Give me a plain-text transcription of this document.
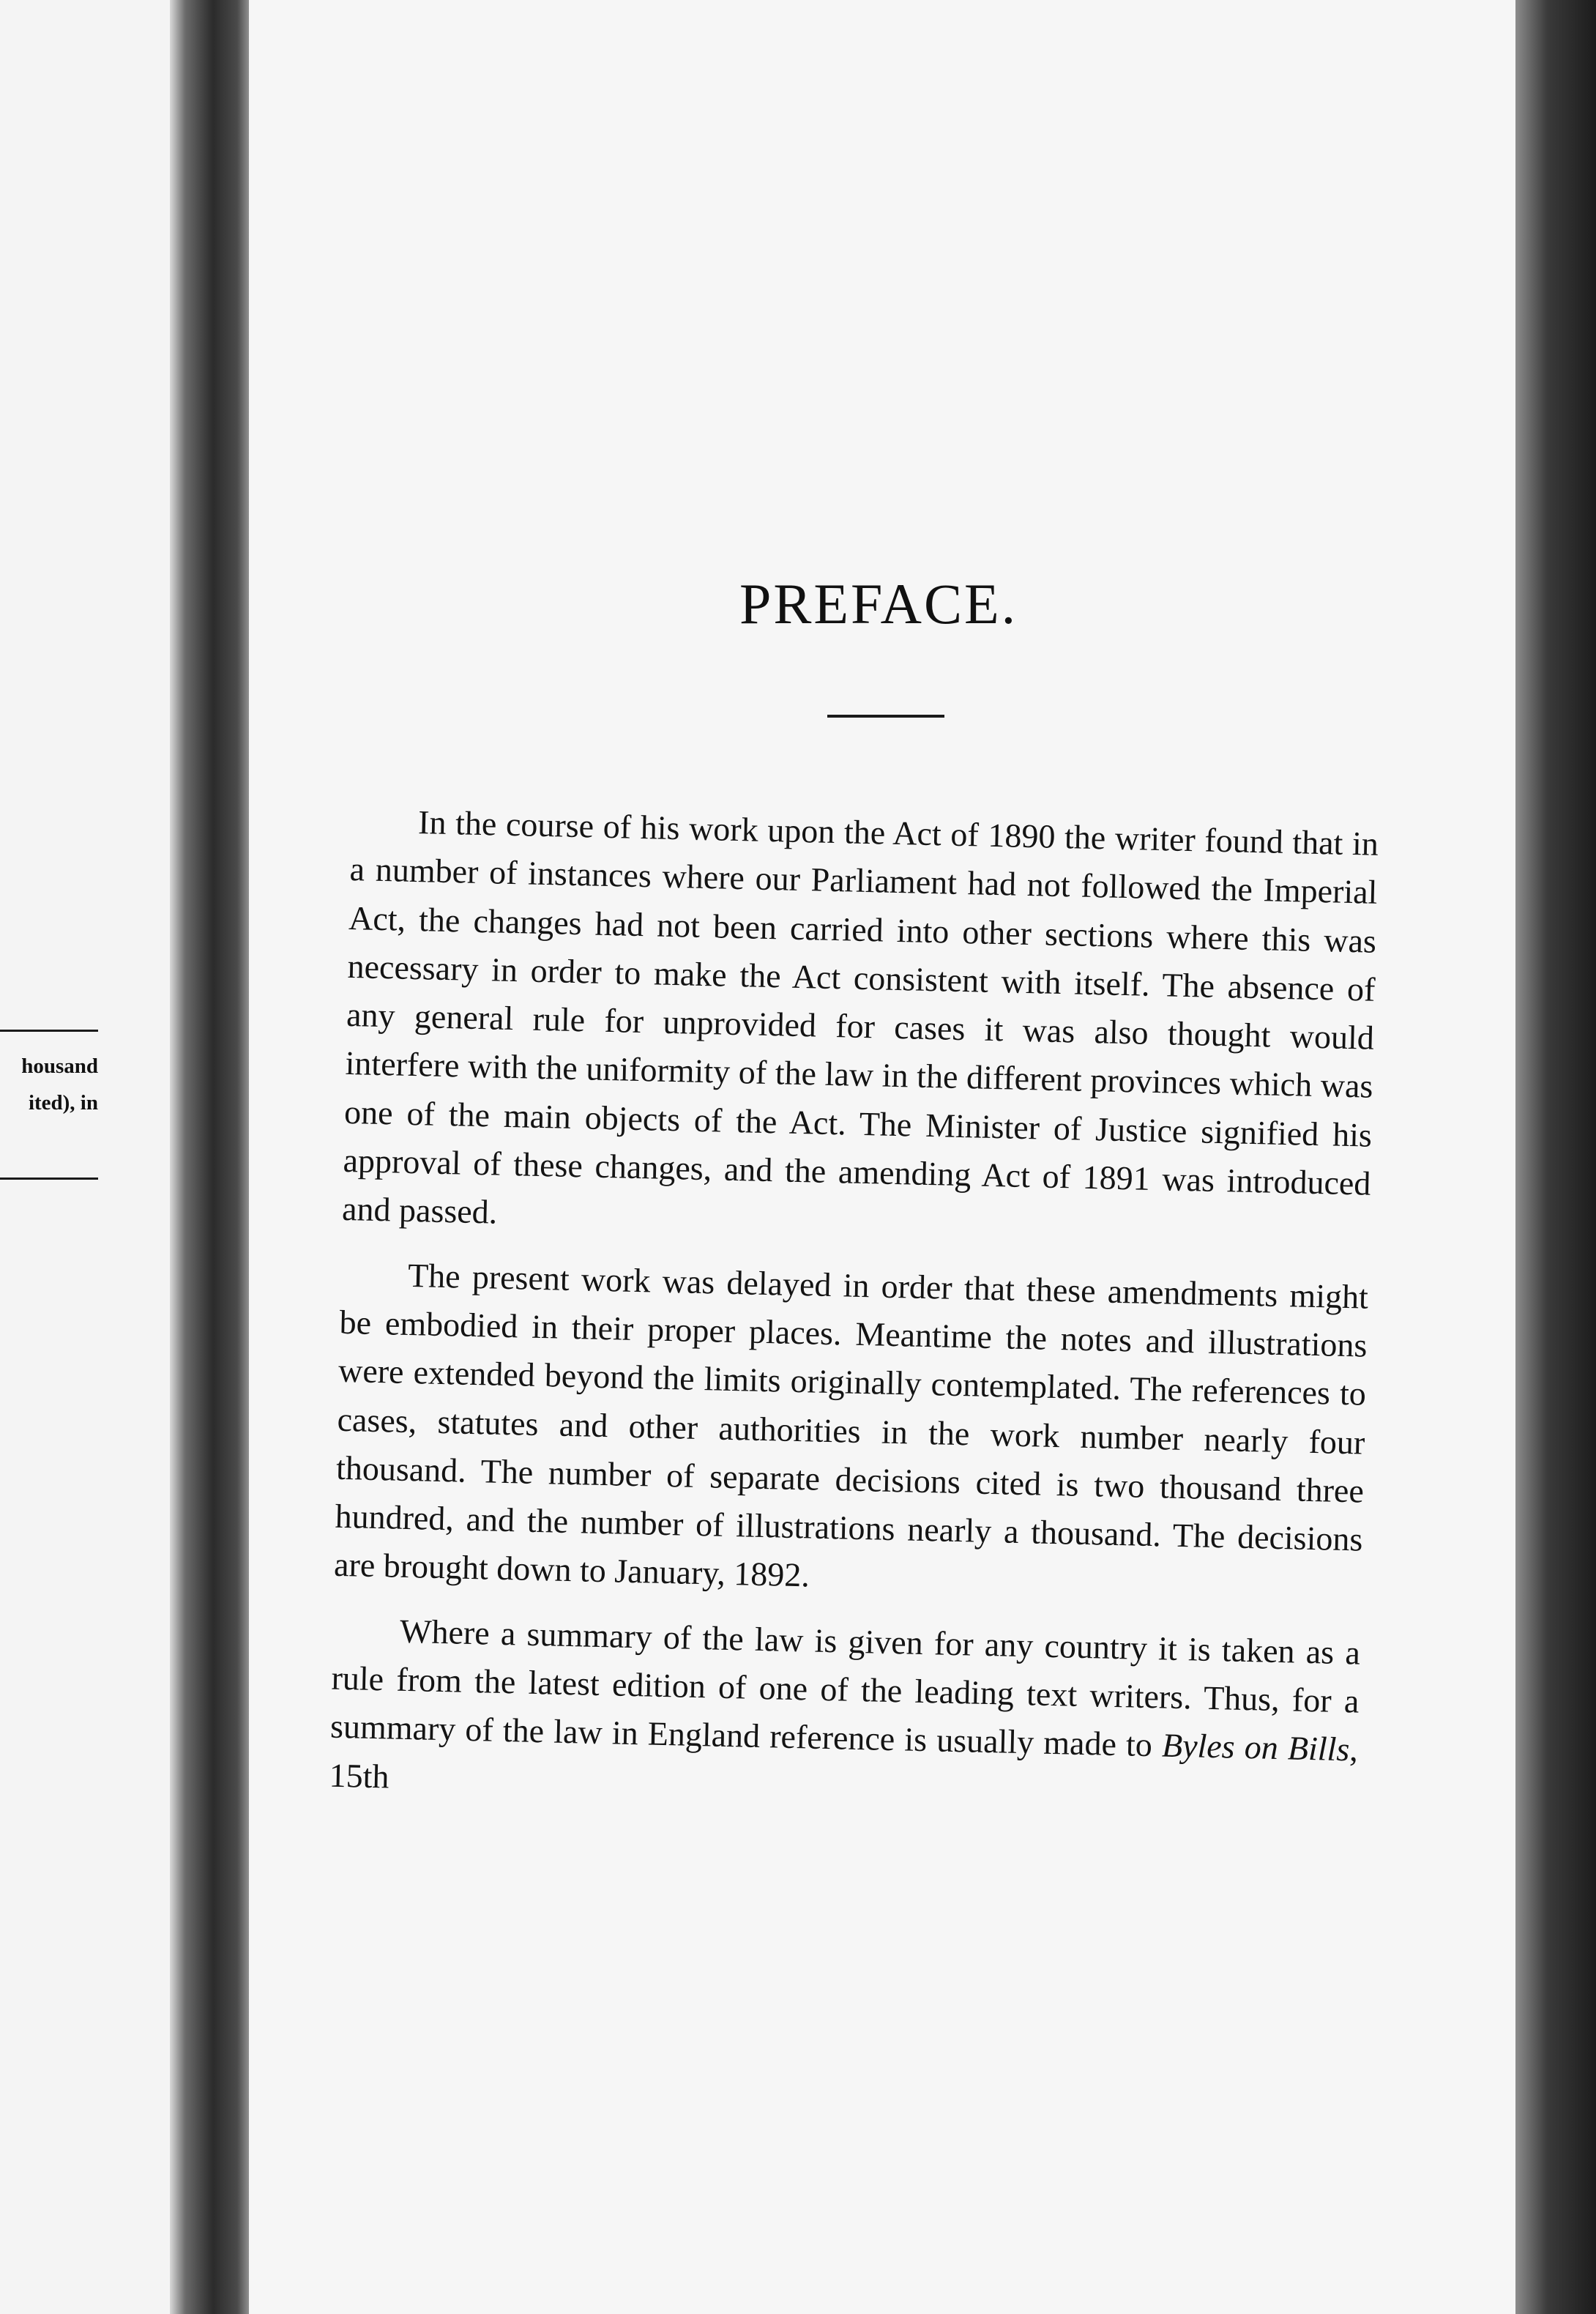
housand
ited), in
PREFACE.

In the course of his work upon the Act of 1890 the writer found that in a number of instances where our Parliament had not followed the Imperial Act, the changes had not been carried into other sections where this was necessary in order to make the Act consistent with itself. The absence of any general rule for unprovided for cases it was also thought would interfere with the uniformity of the law in the different provinces which was one of the main objects of the Act. The Minister of Justice signified his approval of these changes, and the amending Act of 1891 was introduced and passed.

The present work was delayed in order that these amendments might be embodied in their proper places. Meantime the notes and illustrations were extended beyond the limits originally contemplated. The references to cases, statutes and other authorities in the work number nearly four thousand. The number of separate decisions cited is two thousand three hundred, and the number of illustrations nearly a thousand. The decisions are brought down to January, 1892.

Where a summary of the law is given for any country it is taken as a rule from the latest edition of one of the leading text writers. Thus, for a summary of the law in England reference is usually made to Byles on Bills, 15th
